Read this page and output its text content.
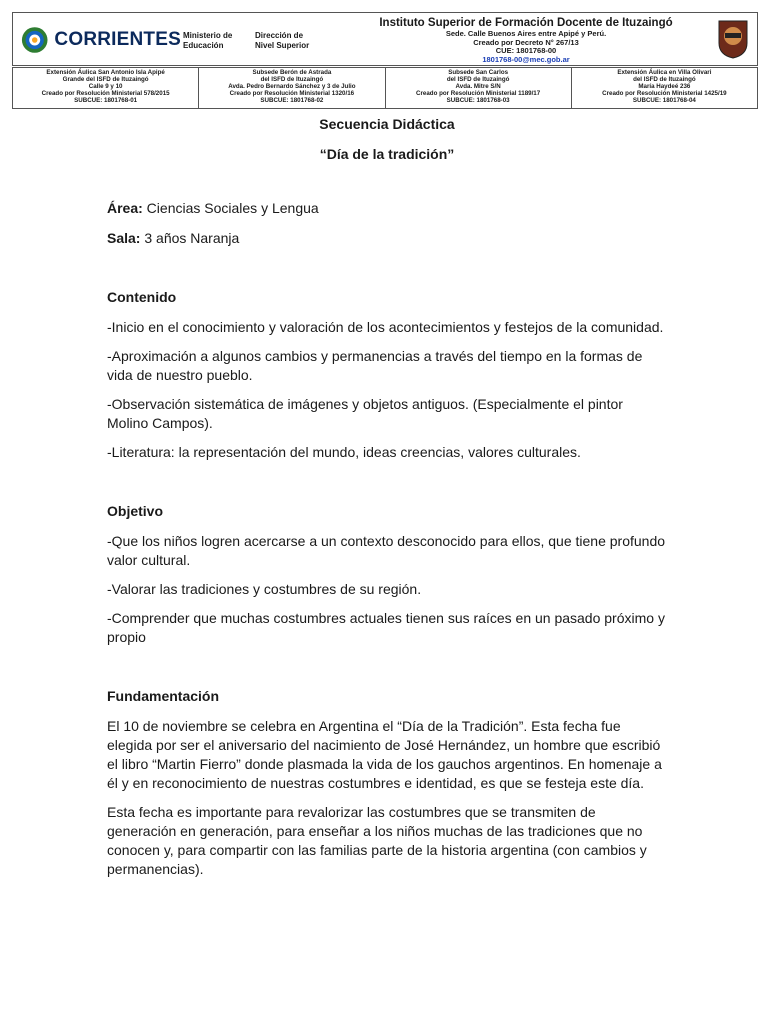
CORRIENTES Ministerio de
Educación
Dirección de
Nivel Superior
Instituto Superior de Formación Docente de Ituzaingó
Sede. Calle Buenos Aires entre Apipé y Perú.
Creado por Decreto N° 267/13
CUE: 1801768-00
1801768-00@mec.gob.ar
Extensión Áulica San Antonio Isla Apipé
Grande del ISFD de Ituzaingó
Calle 9 y 10
Creado por Resolución Ministerial 578/2015
SUBCUE: 1801768-01
Subsede Berón de Astrada
del ISFD de Ituzaingó
Avda. Pedro Bernardo Sánchez y 3 de Julio
Creado por Resolución Ministerial 1320/16
SUBCUE: 1801768-02
Subsede San Carlos
del ISFD de Ituzaingó
Avda. Mitre S/N
Creado por Resolución Ministerial 1189/17
SUBCUE: 1801768-03
Extensión Áulica en Villa Olivari
del ISFD de Ituzaingó
María Haydeé 236
Creado por Resolución Ministerial 1425/19
SUBCUE: 1801768-04
Secuencia Didáctica
“Día de la tradición”

Área: Ciencias Sociales y Lengua

Sala: 3 años Naranja

Contenido

-Inicio en el conocimiento y valoración de los acontecimientos y festejos de la comunidad.

-Aproximación a algunos cambios y permanencias a través del tiempo en la formas de vida de nuestro pueblo.

-Observación sistemática de imágenes y objetos antiguos. (Especialmente el pintor Molino Campos).

-Literatura: la representación del mundo, ideas creencias, valores culturales.

Objetivo

-Que los niños logren acercarse a un contexto desconocido para ellos, que tiene profundo valor cultural.

-Valorar las tradiciones y costumbres de su región.

-Comprender que muchas costumbres actuales tienen sus raíces en un pasado próximo y propio

Fundamentación

El 10 de noviembre se celebra en Argentina el “Día de la Tradición”. Esta fecha fue elegida por ser el aniversario del nacimiento de José Hernández, un hombre que escribió el libro “Martin Fierro” donde plasmada la vida de los gauchos argentinos. En homenaje a él y en reconocimiento de nuestras costumbres e identidad, es que se festeja este día.

Esta fecha es importante para revalorizar las costumbres que se transmiten de generación en generación, para enseñar a los niños muchas de las tradiciones que no conocen y, para compartir con las familias parte de la historia argentina (con cambios y permanencias).
